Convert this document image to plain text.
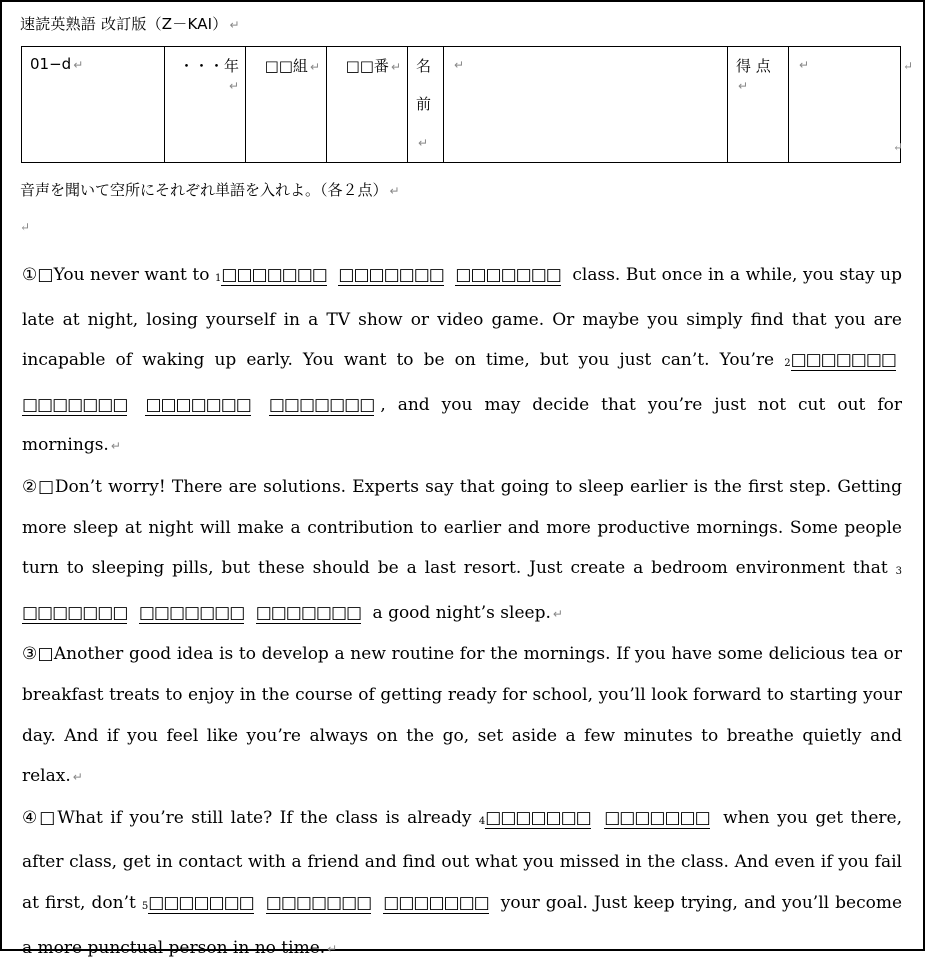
速読英熟語 改訂版（Z－KAI） ↵
01−d ↵	・・・年↵	□□組 ↵	□□番 ↵	名前↵	↵	得 点↵	↵	↵
↵
音声を聞いて空所にそれぞれ単語を入れよ。（各２点） ↵
↵

①□You never want to 1□□□□□□□ □□□□□□□ □□□□□□□ class. But once in a while, you stay up late at night, losing yourself in a TV show or video game. Or maybe you simply find that you are incapable of waking up early. You want to be on time, but you just can’t. You’re 2□□□□□□□ □□□□□□□ □□□□□□□ □□□□□□□ , and you may decide that you’re just not cut out for mornings. ↵

②□Don’t worry! There are solutions. Experts say that going to sleep earlier is the first step. Getting more sleep at night will make a contribution to earlier and more productive mornings. Some people turn to sleeping pills, but these should be a last resort. Just create a bedroom environment that 3□□□□□□□ □□□□□□□ □□□□□□□ a good night’s sleep. ↵

③□Another good idea is to develop a new routine for the mornings. If you have some delicious tea or breakfast treats to enjoy in the course of getting ready for school, you’ll look forward to starting your day. And if you feel like you’re always on the go, set aside a few minutes to breathe quietly and relax. ↵

④□What if you’re still late? If the class is already 4□□□□□□□ □□□□□□□ when you get there, after class, get in contact with a friend and find out what you missed in the class. And even if you fail at first, don’t 5□□□□□□□ □□□□□□□ □□□□□□□ your goal. Just keep trying, and you’ll become a more punctual person in no time. ↵
